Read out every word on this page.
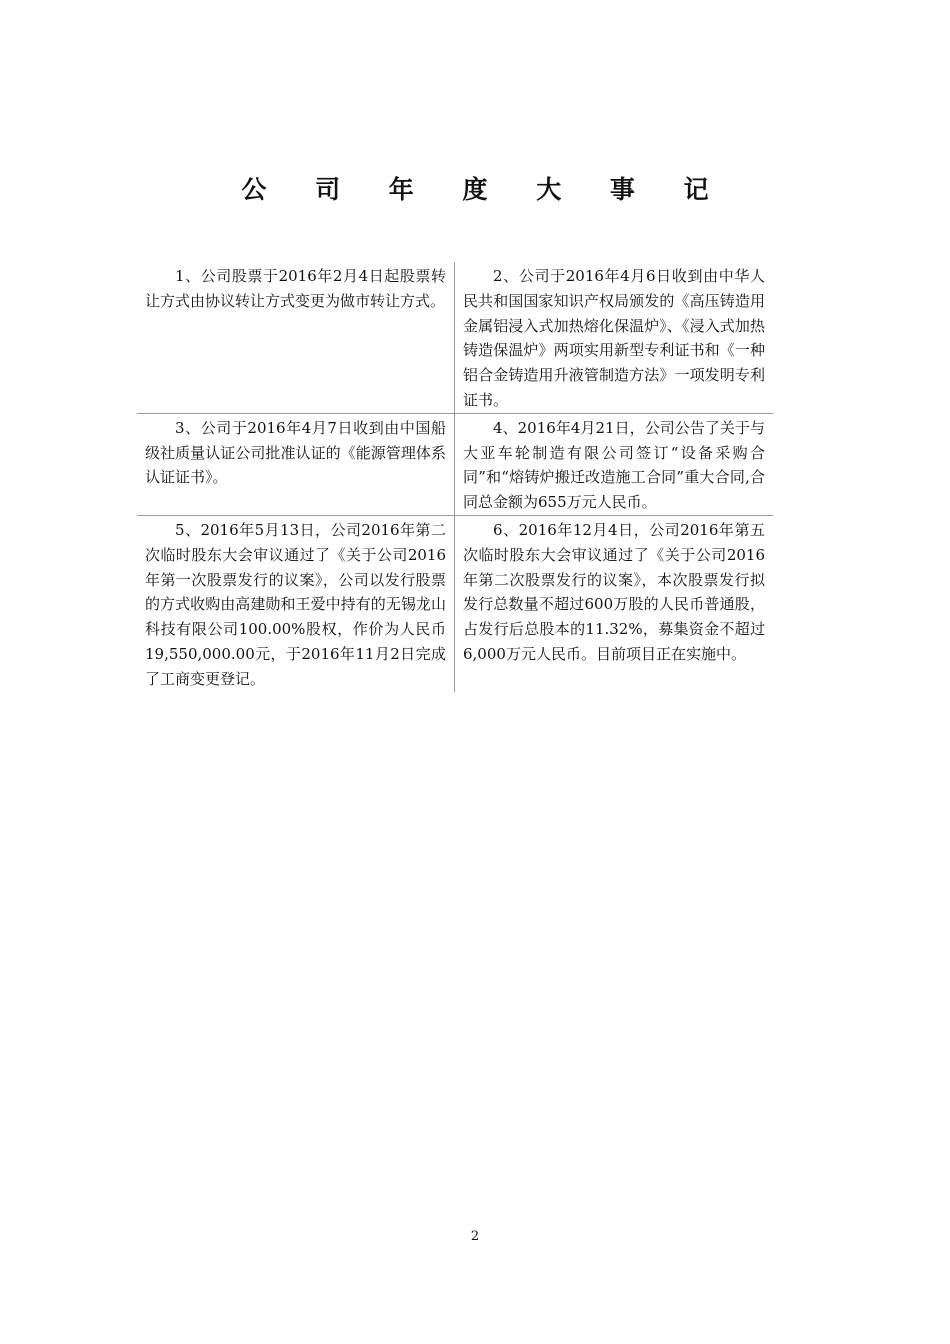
公 司 年 度 大 事 记
1、公司股票于2016年2月4日起股票转让方式由协议转让方式变更为做市转让方式。
2、公司于2016年4月6日收到由中华人民共和国国家知识产权局颁发的《高压铸造用金属铝浸入式加热熔化保温炉》、《浸入式加热铸造保温炉》两项实用新型专利证书和《一种铝合金铸造用升液管制造方法》一项发明专利证书。
3、公司于2016年4月7日收到由中国船级社质量认证公司批准认证的《能源管理体系认证证书》。
4、2016年4月21日，公司公告了关于与大亚车轮制造有限公司签订“设备采购合同”和“熔铸炉搬迁改造施工合同”重大合同,合同总金额为655万元人民币。
5、2016年5月13日，公司2016年第二次临时股东大会审议通过了《关于公司2016年第一次股票发行的议案》，公司以发行股票的方式收购由高建勋和王爱中持有的无锡龙山科技有限公司100.00%股权，作价为人民币19,550,000.00元，于2016年11月2日完成了工商变更登记。
6、2016年12月4日，公司2016年第五次临时股东大会审议通过了《关于公司2016年第二次股票发行的议案》，本次股票发行拟发行总数量不超过600万股的人民币普通股，占发行后总股本的11.32%，募集资金不超过6,000万元人民币。目前项目正在实施中。
2
